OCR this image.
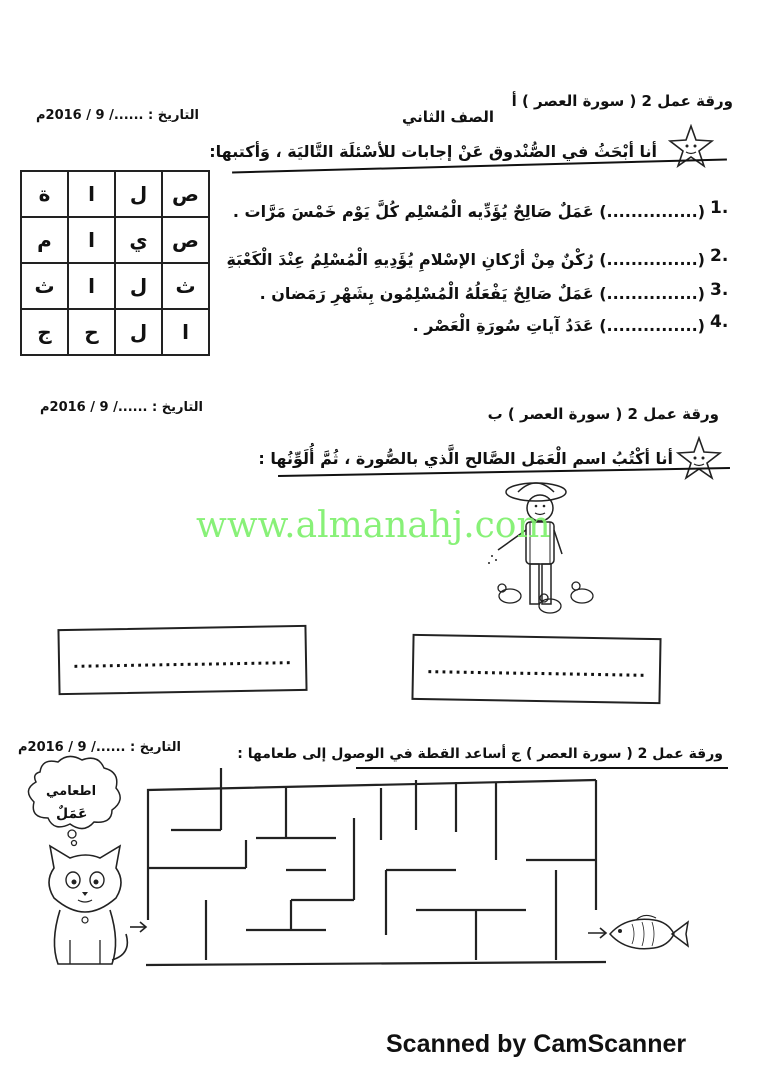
ورقة عمل 2 ( سورة العصر ) أ
الصف الثاني
التاريخ : ....../ 9 / 2016م
أنا أبْحَثُ في الصُّنْدوق عَنْ إجابات للأسْئلَة التَّاليَة ، وَأكتبها:
ة	ا	ل	ص
م	ا	ي	ص
ث	ا	ل	ث
ج	ح	ل	ا
1.
(...............) عَمَلٌ صَالِحٌ يُؤَدِّيه الْمُسْلِم كُلَّ يَوْم خَمْسَ مَرَّات .
2.
(...............) رُكْنٌ مِنْ أرْكانِ الإسْلامِ يُؤَدِيهِ الْمُسْلِمُ عِنْدَ الْكَعْبَةِ
3.
(...............) عَمَلٌ صَالِحٌ يَفْعَلُهُ الْمُسْلِمُون بِشَهْرِ رَمَضان .
4.
(...............) عَدَدُ آياتِ سُورَةِ الْعَصْر .
ورقة عمل 2 ( سورة العصر ) ب
التاريخ : ....../ 9 / 2016م
أنا أكْتُبُ اسم الْعَمَل الصَّالح الَّذي بالصُّورة ، ثُمَّ أُلَوِّنُها :
www.almanahj.com
...............................	...............................
ورقة عمل 2 ( سورة العصر ) ج أساعد القطة في الوصول إلى طعامها :
التاريخ : ....../ 9 / 2016م
اطعامي
عَمَلٌ
Scanned by CamScanner
